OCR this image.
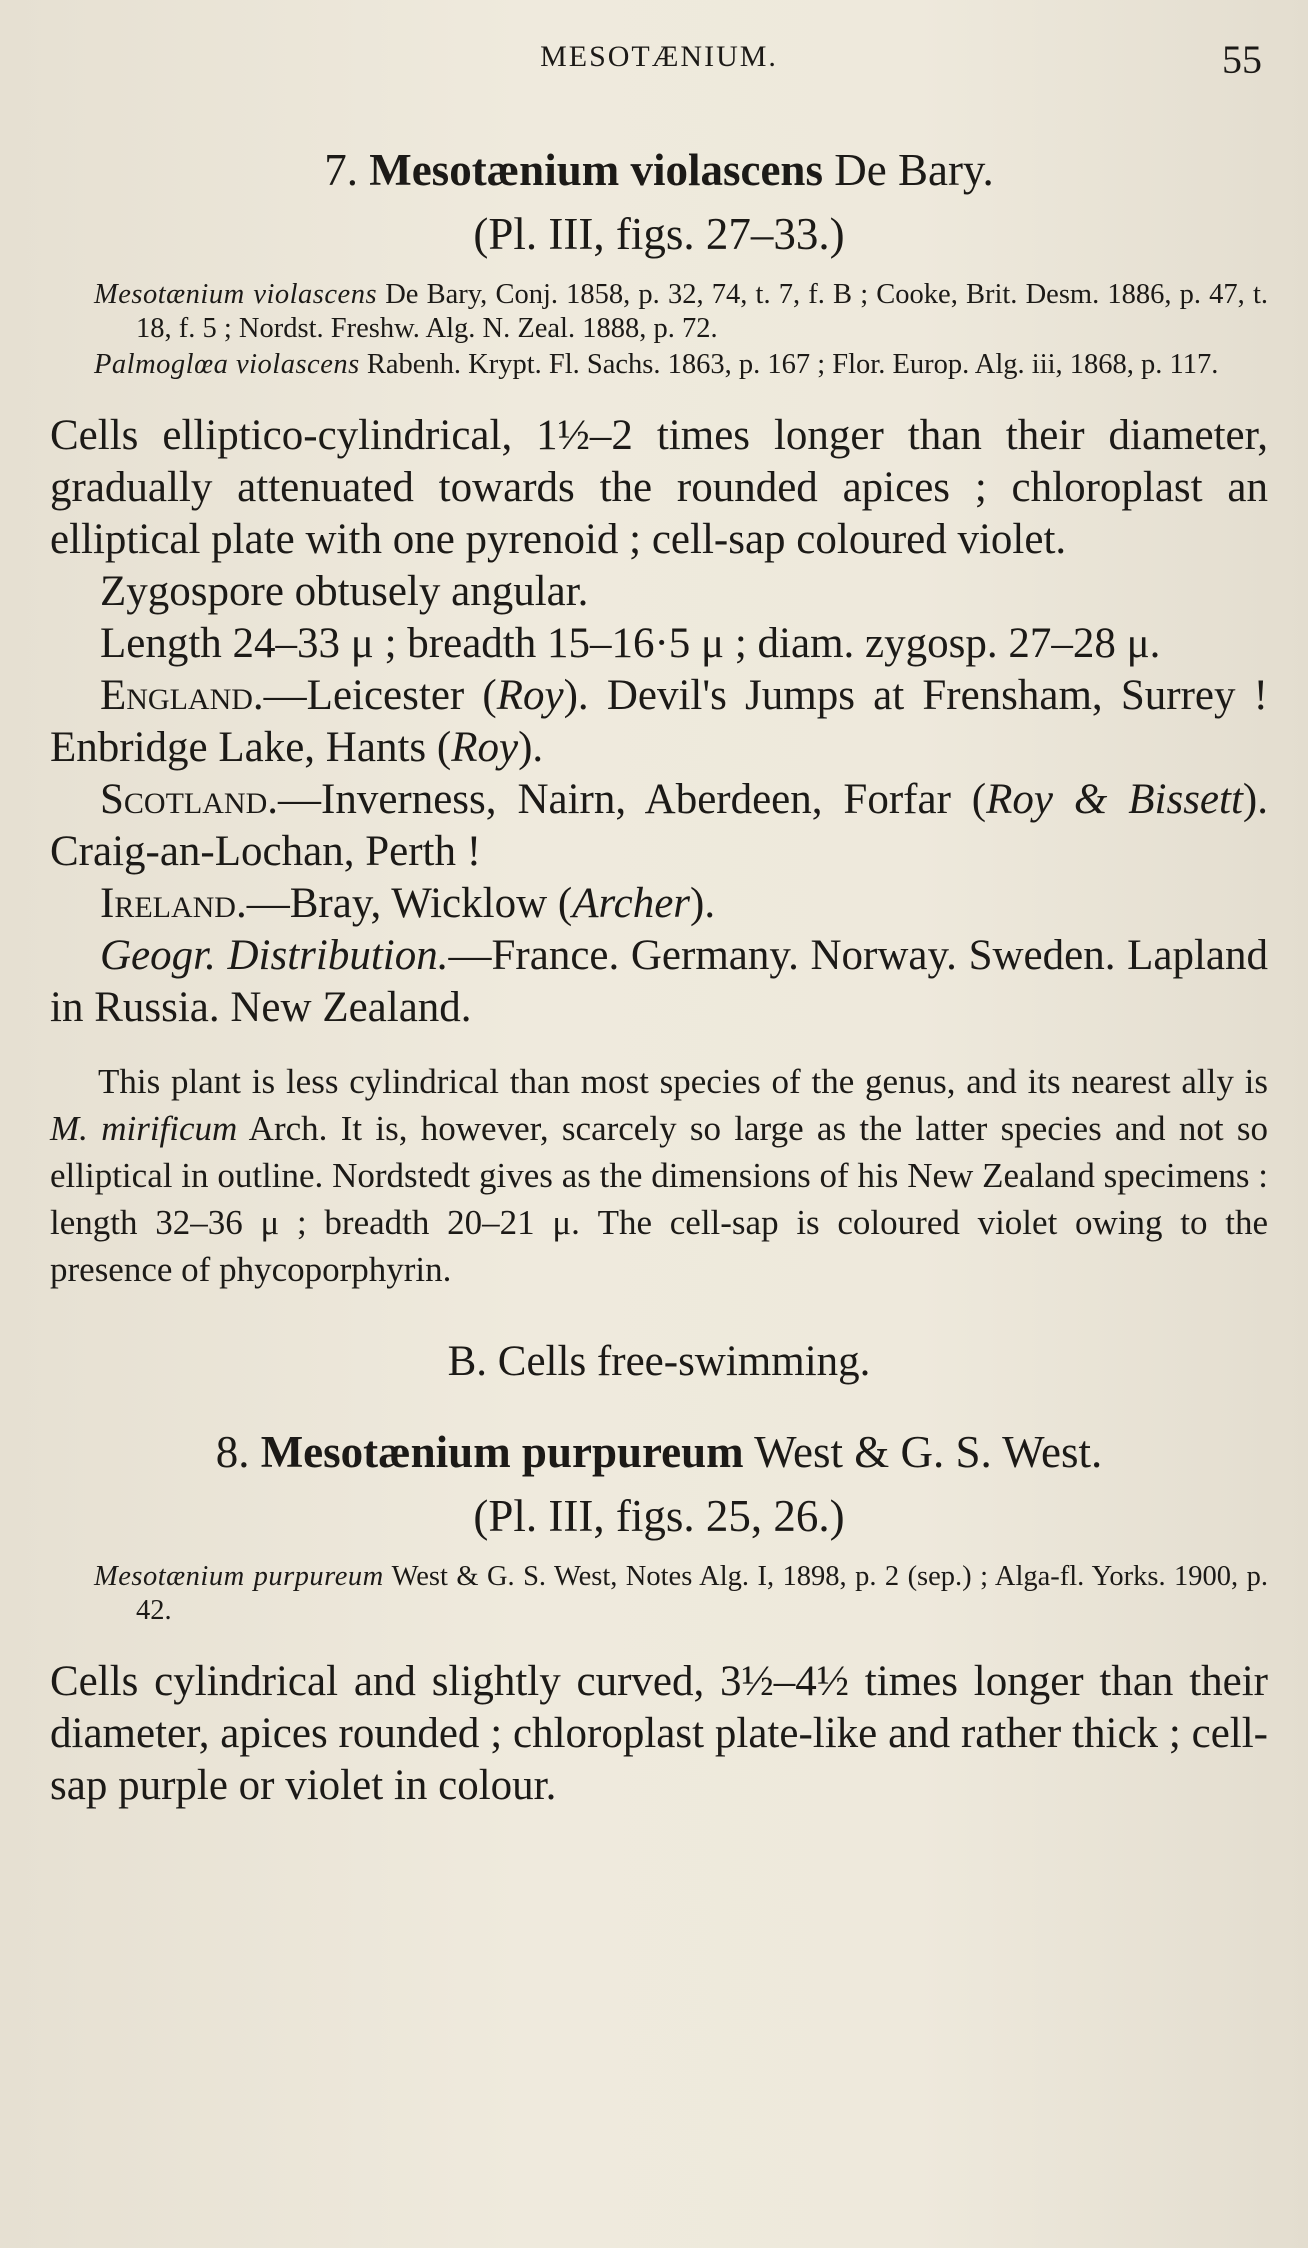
MESOTÆNIUM.	55

7. Mesotænium violascens De Bary.

(Pl. III, figs. 27–33.)

Mesotænium violascens De Bary, Conj. 1858, p. 32, 74, t. 7, f. B ; Cooke, Brit. Desm. 1886, p. 47, t. 18, f. 5 ; Nordst. Freshw. Alg. N. Zeal. 1888, p. 72.

Palmoglœa violascens Rabenh. Krypt. Fl. Sachs. 1863, p. 167 ; Flor. Europ. Alg. iii, 1868, p. 117.

Cells elliptico-cylindrical, 1½–2 times longer than their diameter, gradually attenuated towards the rounded apices ; chloroplast an elliptical plate with one pyrenoid ; cell-sap coloured violet.

Zygospore obtusely angular.

Length 24–33 μ ; breadth 15–16·5 μ ; diam. zygosp. 27–28 μ.

England.—Leicester (Roy). Devil's Jumps at Frensham, Surrey ! Enbridge Lake, Hants (Roy).

Scotland.—Inverness, Nairn, Aberdeen, Forfar (Roy & Bissett). Craig-an-Lochan, Perth !

Ireland.—Bray, Wicklow (Archer).

Geogr. Distribution.—France. Germany. Norway. Sweden. Lapland in Russia. New Zealand.

This plant is less cylindrical than most species of the genus, and its nearest ally is M. mirificum Arch. It is, however, scarcely so large as the latter species and not so elliptical in outline. Nordstedt gives as the dimensions of his New Zealand specimens : length 32–36 μ ; breadth 20–21 μ. The cell-sap is coloured violet owing to the presence of phycoporphyrin.

B. Cells free-swimming.

8. Mesotænium purpureum West & G. S. West.

(Pl. III, figs. 25, 26.)

Mesotænium purpureum West & G. S. West, Notes Alg. I, 1898, p. 2 (sep.) ; Alga-fl. Yorks. 1900, p. 42.

Cells cylindrical and slightly curved, 3½–4½ times longer than their diameter, apices rounded ; chloroplast plate-like and rather thick ; cell-sap purple or violet in colour.
